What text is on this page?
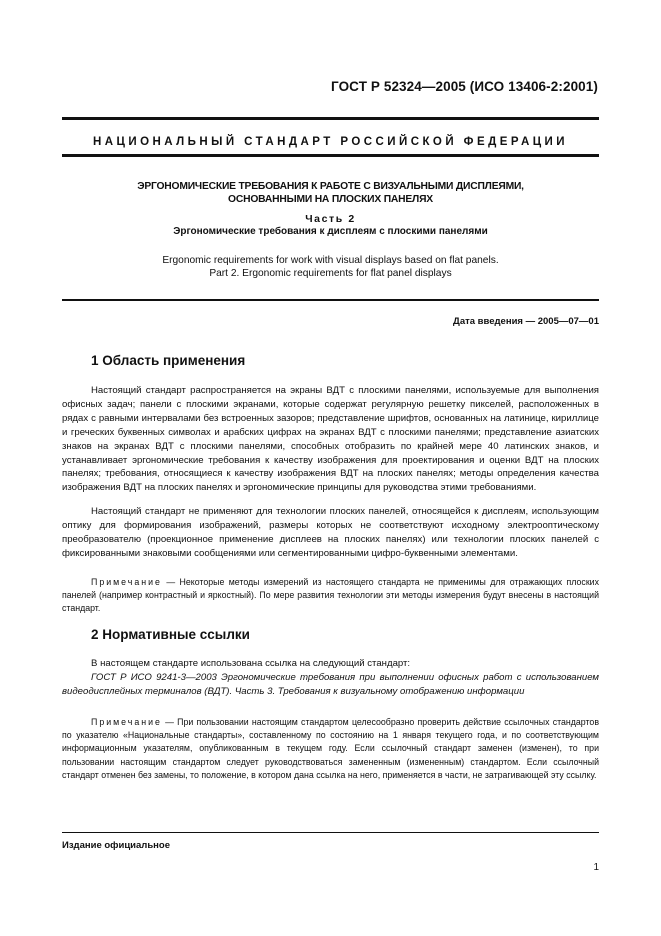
ГОСТ Р 52324—2005 (ИСО 13406-2:2001)
НАЦИОНАЛЬНЫЙ СТАНДАРТ РОССИЙСКОЙ ФЕДЕРАЦИИ
ЭРГОНОМИЧЕСКИЕ ТРЕБОВАНИЯ К РАБОТЕ С ВИЗУАЛЬНЫМИ ДИСПЛЕЯМИ,
ОСНОВАННЫМИ НА ПЛОСКИХ ПАНЕЛЯХ
Часть 2
Эргономические требования к дисплеям с плоскими панелями
Ergonomic requirements for work with visual displays based on flat panels.
Part 2. Ergonomic requirements for flat panel displays
Дата введения — 2005—07—01
1 Область применения

Настоящий стандарт распространяется на экраны ВДТ с плоскими панелями, используемые для выполнения офисных задач; панели с плоскими экранами, которые содержат регулярную решетку пикселей, расположенных в рядах с равными интервалами без встроенных зазоров; представление шрифтов, основанных на латинице, кириллице и греческих буквенных символах и арабских цифрах на экранах ВДТ с плоскими панелями; представление азиатских знаков на экранах ВДТ с плоскими панелями, способных отобразить по крайней мере 40 латинских знаков, и устанавливает эргономические требования к качеству изображения для проектирования и оценки ВДТ на плоских панелях; требования, относящиеся к качеству изображения ВДТ на плоских панелях; методы определения качества изображения ВДТ на плоских панелях и эргономические принципы для руководства этими требованиями.

Настоящий стандарт не применяют для технологии плоских панелей, относящейся к дисплеям, использующим оптику для формирования изображений, размеры которых не соответствуют исходному электрооптическому преобразователю (проекционное применение дисплеев на плоских панелях) или технологии плоских панелей с фиксированными знаковыми сообщениями или сегментированными цифро-буквенными элементами.

Примечание — Некоторые методы измерений из настоящего стандарта не применимы для отражающих плоских панелей (например контрастный и яркостный). По мере развития технологии эти методы измерения будут внесены в настоящий стандарт.

2 Нормативные ссылки

В настоящем стандарте использована ссылка на следующий стандарт:

ГОСТ Р ИСО 9241-3—2003 Эргономические требования при выполнении офисных работ с использованием видеодисплейных терминалов (ВДТ). Часть 3. Требования к визуальному отображению информации

Примечание — При пользовании настоящим стандартом целесообразно проверить действие ссылочных стандартов по указателю «Национальные стандарты», составленному по состоянию на 1 января текущего года, и по соответствующим информационным указателям, опубликованным в текущем году. Если ссылочный стандарт заменен (изменен), то при пользовании настоящим стандартом следует руководствоваться замененным (измененным) стандартом. Если ссылочный стандарт отменен без замены, то положение, в котором дана ссылка на него, применяется в части, не затрагивающей эту ссылку.

Издание официальное
1
